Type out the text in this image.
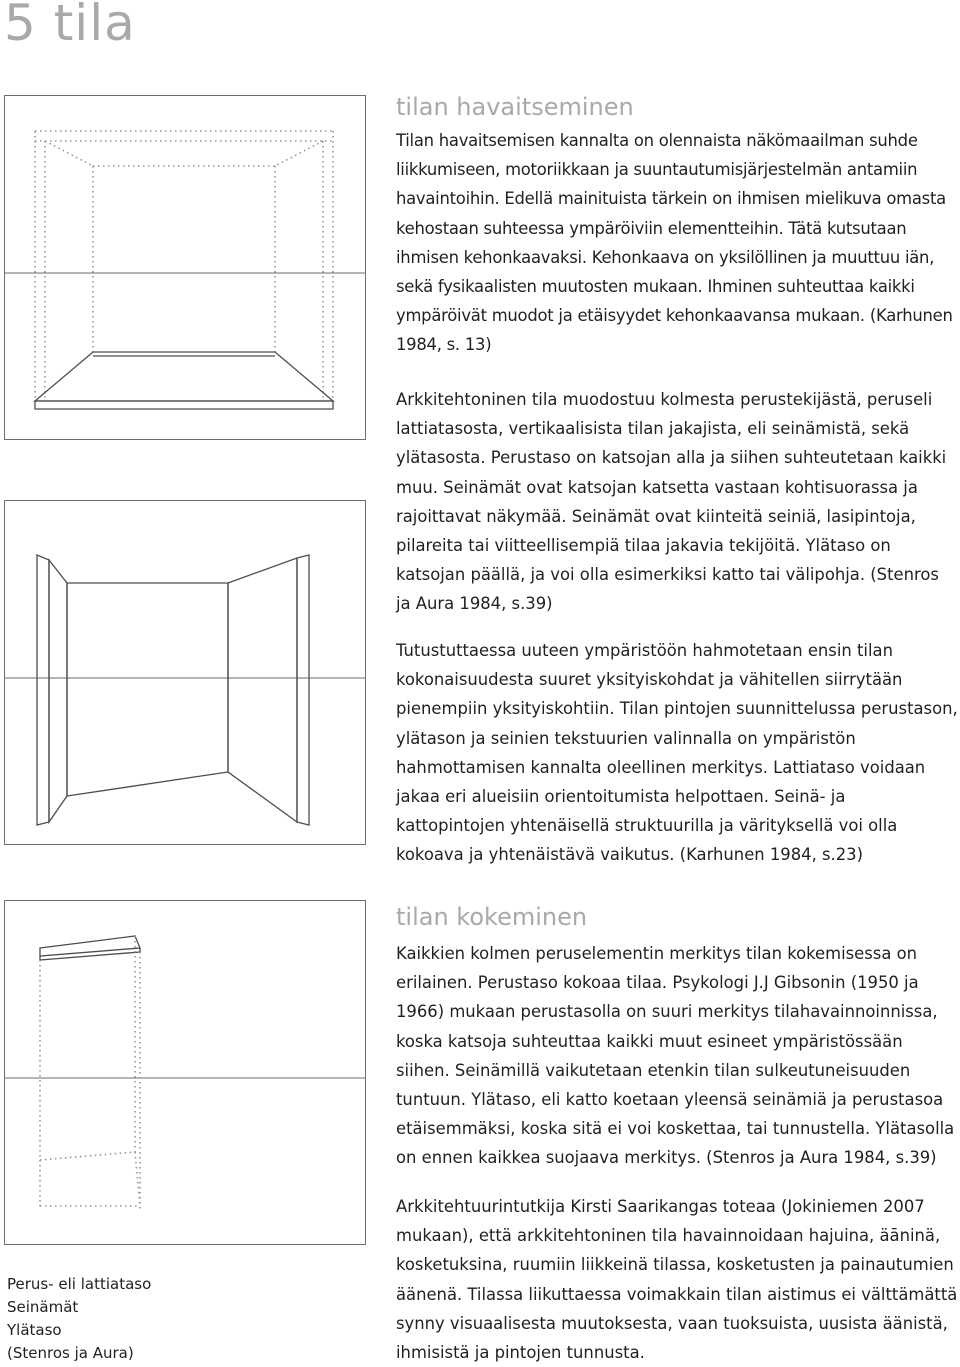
5 tila
Perus- eli lattiataso
Seinämät
Ylätaso
(Stenros ja Aura)
tilan havaitseminen

Tilan havaitsemisen kannalta on olennaista näkömaailman suhde liikkumiseen, motoriikkaan ja suuntautumisjärjestelmän antamiin havaintoihin. Edellä mainituista tärkein on ihmisen mielikuva omasta kehostaan suhteessa ympäröiviin elementteihin. Tätä kutsutaan ihmisen kehonkaavaksi. Kehonkaava on yksilöllinen ja muuttuu iän, sekä fysikaalisten muutosten mukaan. Ihminen suhteuttaa kaikki ympäröivät muodot ja etäisyydet kehonkaavansa mukaan. (Karhunen 1984, s. 13)

Arkkitehtoninen tila muodostuu kolmesta perustekijästä, peruseli lattiatasosta, vertikaalisista tilan jakajista, eli seinämistä, sekä ylätasosta. Perustaso on katsojan alla ja siihen suhteutetaan kaikki muu. Seinämät ovat katsojan katsetta vastaan kohtisuorassa ja rajoittavat näkymää. Seinämät ovat kiinteitä seiniä, lasipintoja, pilareita tai viitteellisempiä tilaa jakavia tekijöitä. Ylätaso on katsojan päällä, ja voi olla esimerkiksi katto tai välipohja. (Stenros ja Aura 1984, s.39)

Tutustuttaessa uuteen ympäristöön hahmotetaan ensin tilan kokonaisuudesta suuret yksityiskohdat ja vähitellen siirrytään pienempiin yksityiskohtiin. Tilan pintojen suunnittelussa perustason, ylätason ja seinien tekstuurien valinnalla on ympäristön hahmottamisen kannalta oleellinen merkitys. Lattiataso voidaan jakaa eri alueisiin orientoitumista helpottaen. Seinä- ja kattopintojen yhtenäisellä struktuurilla ja värityksellä voi olla kokoava ja yhtenäistävä vaikutus. (Karhunen 1984, s.23)

tilan kokeminen

Kaikkien kolmen peruselementin merkitys tilan kokemisessa on erilainen. Perustaso kokoaa tilaa. Psykologi J.J Gibsonin (1950 ja 1966) mukaan perustasolla on suuri merkitys tilahavainnoinnissa, koska katsoja suhteuttaa kaikki muut esineet ympäristössään siihen. Seinämillä vaikutetaan etenkin tilan sulkeutuneisuuden tuntuun. Ylätaso, eli katto koetaan yleensä seinämiä ja perustasoa etäisemmäksi, koska sitä ei voi koskettaa, tai tunnustella. Ylätasolla on ennen kaikkea suojaava merkitys. (Stenros ja Aura 1984, s.39)

Arkkitehtuurintutkija Kirsti Saarikangas toteaa (Jokiniemen 2007 mukaan), että arkkitehtoninen tila havainnoidaan hajuina, äāninä, kosketuksina, ruumiin liikkeinä tilassa, kosketusten ja painautumien äänenä. Tilassa liikuttaessa voimakkain tilan aistimus ei välttämättä synny visuaalisesta muutoksesta, vaan tuoksuista, uusista äänistä, ihmisistä ja pintojen tunnusta.
